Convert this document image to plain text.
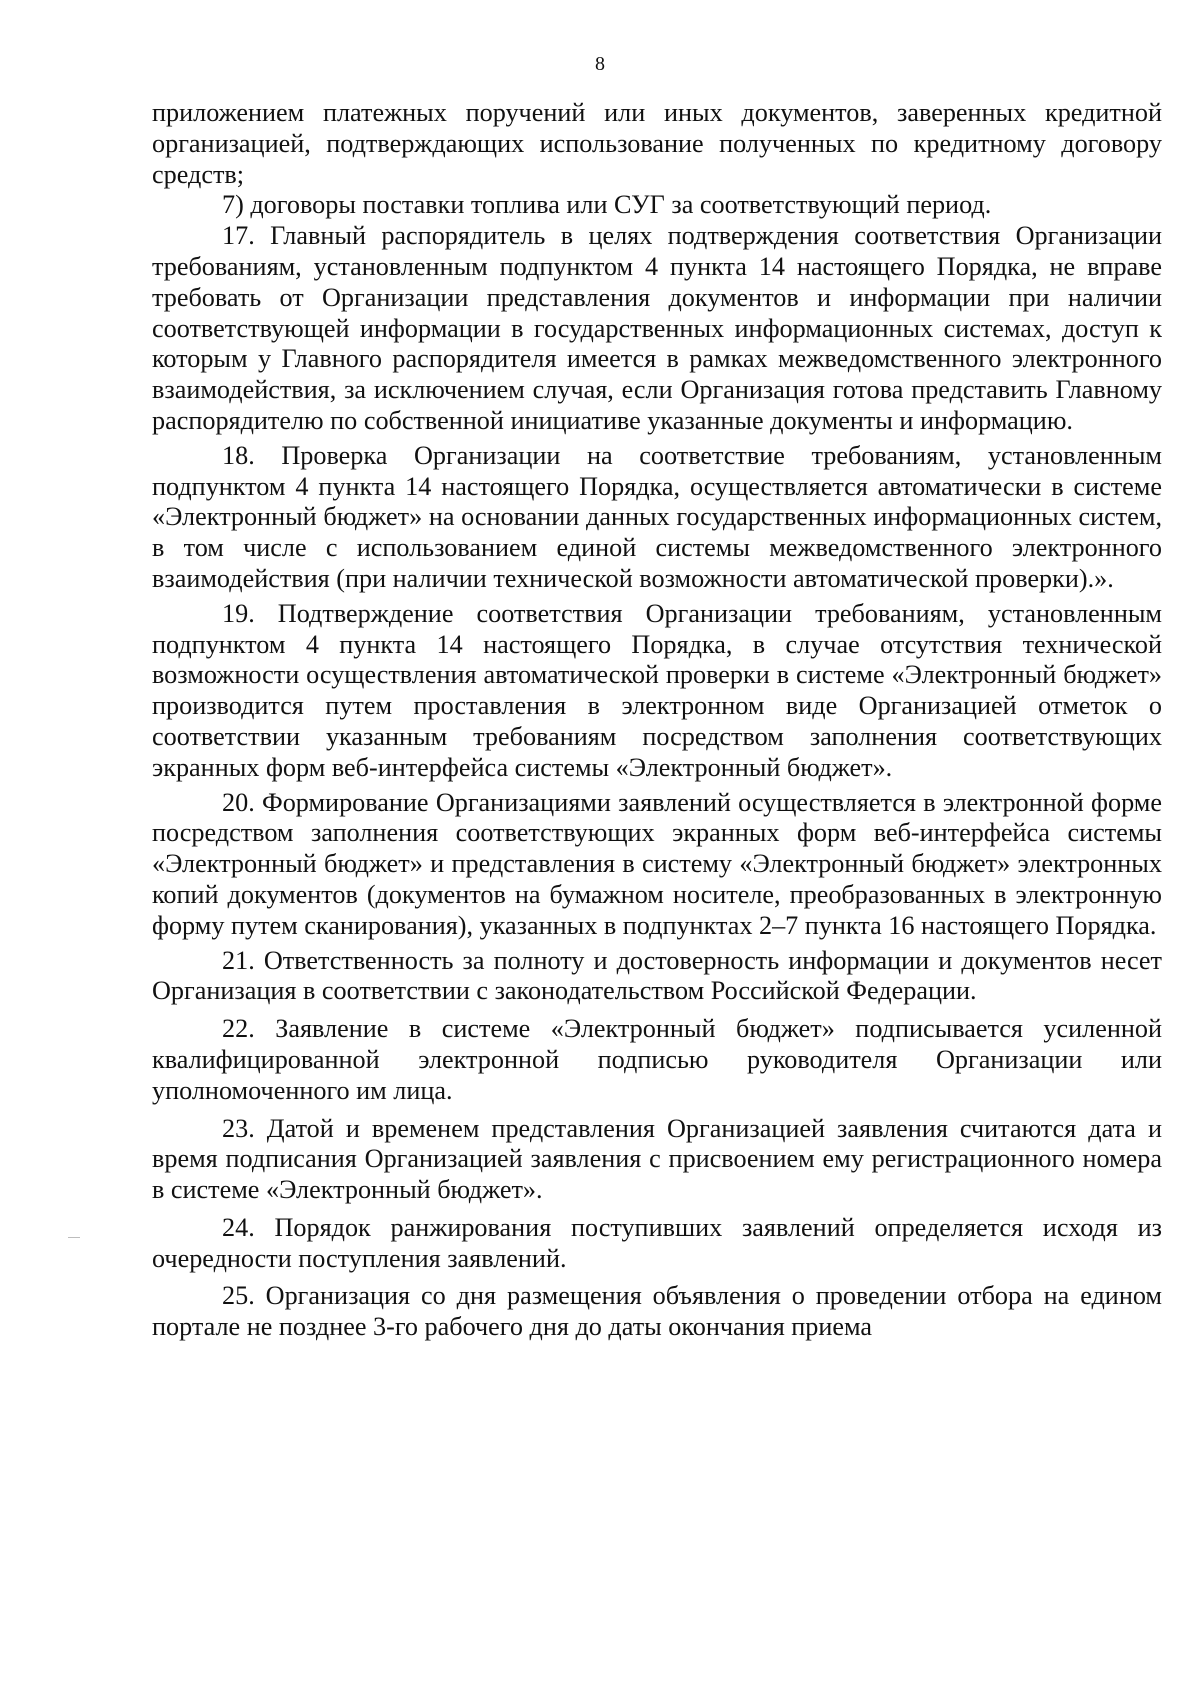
8

приложением платежных поручений или иных документов, заверенных кредитной организацией, подтверждающих использование полученных по кредитному договору средств;

7) договоры поставки топлива или СУГ за соответствующий период.

17. Главный распорядитель в целях подтверждения соответствия Организации требованиям, установленным подпунктом 4 пункта 14 настоящего Порядка, не вправе требовать от Организации представления документов и информации при наличии соответствующей информации в государственных информационных системах, доступ к которым у Главного распорядителя имеется в рамках межведомственного электронного взаимодействия, за исключением случая, если Организация готова представить Главному распорядителю по собственной инициативе указанные документы и информацию.

18. Проверка Организации на соответствие требованиям, установленным подпунктом 4 пункта 14 настоящего Порядка, осуществляется автоматически в системе «Электронный бюджет» на основании данных государственных информационных систем, в том числе с использованием единой системы межведомственного электронного взаимодействия (при наличии технической возможности автоматической проверки).».

19. Подтверждение соответствия Организации требованиям, установленным подпунктом 4 пункта 14 настоящего Порядка, в случае отсутствия технической возможности осуществления автоматической проверки в системе «Электронный бюджет» производится путем проставления в электронном виде Организацией отметок о соответствии указанным требованиям посредством заполнения соответствующих экранных форм веб-интерфейса системы «Электронный бюджет».

20. Формирование Организациями заявлений осуществляется в электронной форме посредством заполнения соответствующих экранных форм веб-интерфейса системы «Электронный бюджет» и представления в систему «Электронный бюджет» электронных копий документов (документов на бумажном носителе, преобразованных в электронную форму путем сканирования), указанных в подпунктах 2–7 пункта 16 настоящего Порядка.

21. Ответственность за полноту и достоверность информации и документов несет Организация в соответствии с законодательством Российской Федерации.

22. Заявление в системе «Электронный бюджет» подписывается усиленной квалифицированной электронной подписью руководителя Организации или уполномоченного им лица.

23. Датой и временем представления Организацией заявления считаются дата и время подписания Организацией заявления с присвоением ему регистрационного номера в системе «Электронный бюджет».

24. Порядок ранжирования поступивших заявлений определяется исходя из очередности поступления заявлений.

25. Организация со дня размещения объявления о проведении отбора на едином портале не позднее 3-го рабочего дня до даты окончания приема
